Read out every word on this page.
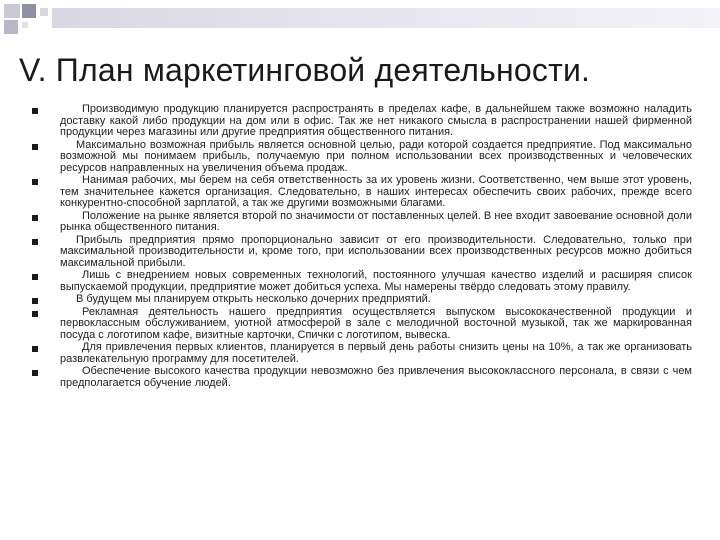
V. План маркетинговой деятельности.
Производимую продукцию планируется распространять в пределах кафе, в дальнейшем также возможно наладить доставку какой либо продукции на дом или в офис. Так же нет никакого смысла в распространении нашей фирменной продукции через магазины или другие предприятия общественного питания.
Максимально возможная прибыль является основной целью, ради которой создается предприятие. Под максимально возможной мы понимаем прибыль, получаемую при полном использовании всех производственных и человеческих ресурсов направленных на увеличения объема продаж.
Нанимая рабочих, мы берем на себя ответственность за их уровень жизни. Соответственно, чем выше этот уровень, тем значительнее кажется организация. Следовательно, в наших интересах обеспечить своих рабочих, прежде всего конкурентно-способной зарплатой, а так же другими возможными благами.
Положение на рынке является второй по значимости от поставленных целей. В нее входит завоевание основной доли рынка общественного питания.
Прибыль предприятия прямо пропорционально зависит от его производительности. Следовательно, только при максимальной производительности и, кроме того, при использовании всех производственных ресурсов можно добиться максимальной прибыли.
Лишь с внедрением новых современных технологий, постоянного улучшая качество изделий и расширяя список выпускаемой продукции, предприятие может добиться успеха. Мы намерены твёрдо следовать этому правилу.
В будущем мы планируем открыть несколько дочерних предприятий.
Рекламная деятельность нашего предприятия осуществляется выпуском высококачественной продукции и первоклассным обслуживанием, уютной атмосферой в зале с мелодичной восточной музыкой, так же маркированная посуда с логотипом кафе, визитные карточки, Спички с логотипом, вывеска.
Для привлечения первых клиентов, планируется в первый день работы снизить цены на 10%, а так же организовать развлекательную программу для посетителей.
Обеспечение высокого качества продукции невозможно без привлечения высококлассного персонала, в связи с чем предполагается обучение людей.
